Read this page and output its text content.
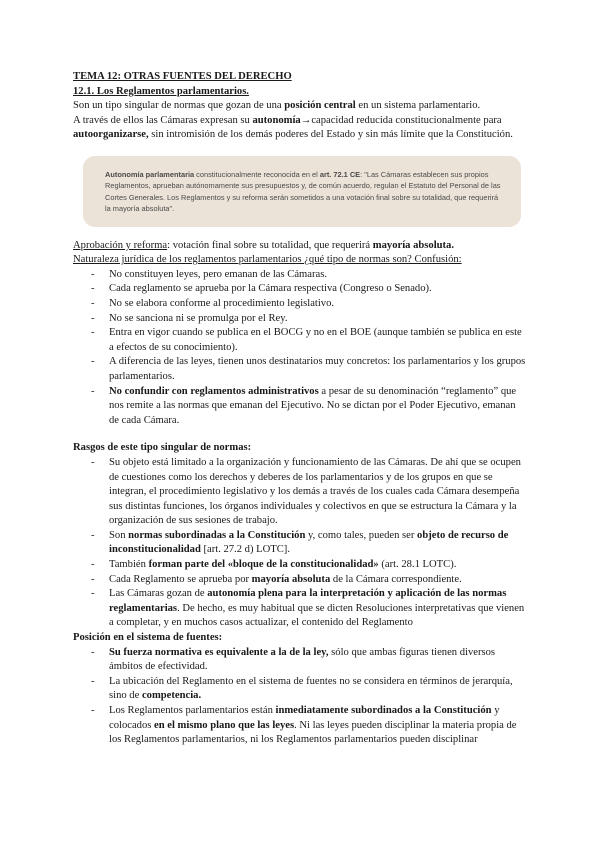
TEMA 12: OTRAS FUENTES DEL DERECHO

12.1. Los Reglamentos parlamentarios.

Son un tipo singular de normas que gozan de una posición central en un sistema parlamentario.

A través de ellos las Cámaras expresan su autonomía→capacidad reducida constitucionalmente para autoorganizarse, sin intromisión de los demás poderes del Estado y sin más límite que la Constitución.

Autonomía parlamentaria constitucionalmente reconocida en el art. 72.1 CE: "Las Cámaras establecen sus propios Reglamentos, aprueban autónomamente sus presupuestos y, de común acuerdo, regulan el Estatuto del Personal de las Cortes Generales. Los Reglamentos y su reforma serán sometidos a una votación final sobre su totalidad, que requerirá la mayoría absoluta".

Aprobación y reforma: votación final sobre su totalidad, que requerirá mayoría absoluta.

Naturaleza jurídica de los reglamentos parlamentarios ¿qué tipo de normas son? Confusión:

- No constituyen leyes, pero emanan de las Cámaras.
- Cada reglamento se aprueba por la Cámara respectiva (Congreso o Senado).
- No se elabora conforme al procedimiento legislativo.
- No se sanciona ni se promulga por el Rey.
- Entra en vigor cuando se publica en el BOCG y no en el BOE (aunque también se publica en este a efectos de su conocimiento).
- A diferencia de las leyes, tienen unos destinatarios muy concretos: los parlamentarios y los grupos parlamentarios.
- No confundir con reglamentos administrativos a pesar de su denominación “reglamento” que nos remite a las normas que emanan del Ejecutivo. No se dictan por el Poder Ejecutivo, emanan de cada Cámara.

Rasgos de este tipo singular de normas:

- Su objeto está limitado a la organización y funcionamiento de las Cámaras. De ahí que se ocupen de cuestiones como los derechos y deberes de los parlamentarios y de los grupos en que se integran, el procedimiento legislativo y los demás a través de los cuales cada Cámara desempeña sus distintas funciones, los órganos individuales y colectivos en que se estructura la Cámara y la organización de sus sesiones de trabajo.
- Son normas subordinadas a la Constitución y, como tales, pueden ser objeto de recurso de inconstitucionalidad [art. 27.2 d) LOTC].
- También forman parte del «bloque de la constitucionalidad» (art. 28.1 LOTC).
- Cada Reglamento se aprueba por mayoría absoluta de la Cámara correspondiente.
- Las Cámaras gozan de autonomía plena para la interpretación y aplicación de las normas reglamentarias. De hecho, es muy habitual que se dicten Resoluciones interpretativas que vienen a completar, y en muchos casos actualizar, el contenido del Reglamento

Posición en el sistema de fuentes:

- Su fuerza normativa es equivalente a la de la ley, sólo que ambas figuras tienen diversos ámbitos de efectividad.
- La ubicación del Reglamento en el sistema de fuentes no se considera en términos de jerarquía, sino de competencia.
- Los Reglamentos parlamentarios están inmediatamente subordinados a la Constitución y colocados en el mismo plano que las leyes. Ni las leyes pueden disciplinar la materia propia de los Reglamentos parlamentarios, ni los Reglamentos parlamentarios pueden disciplinar
